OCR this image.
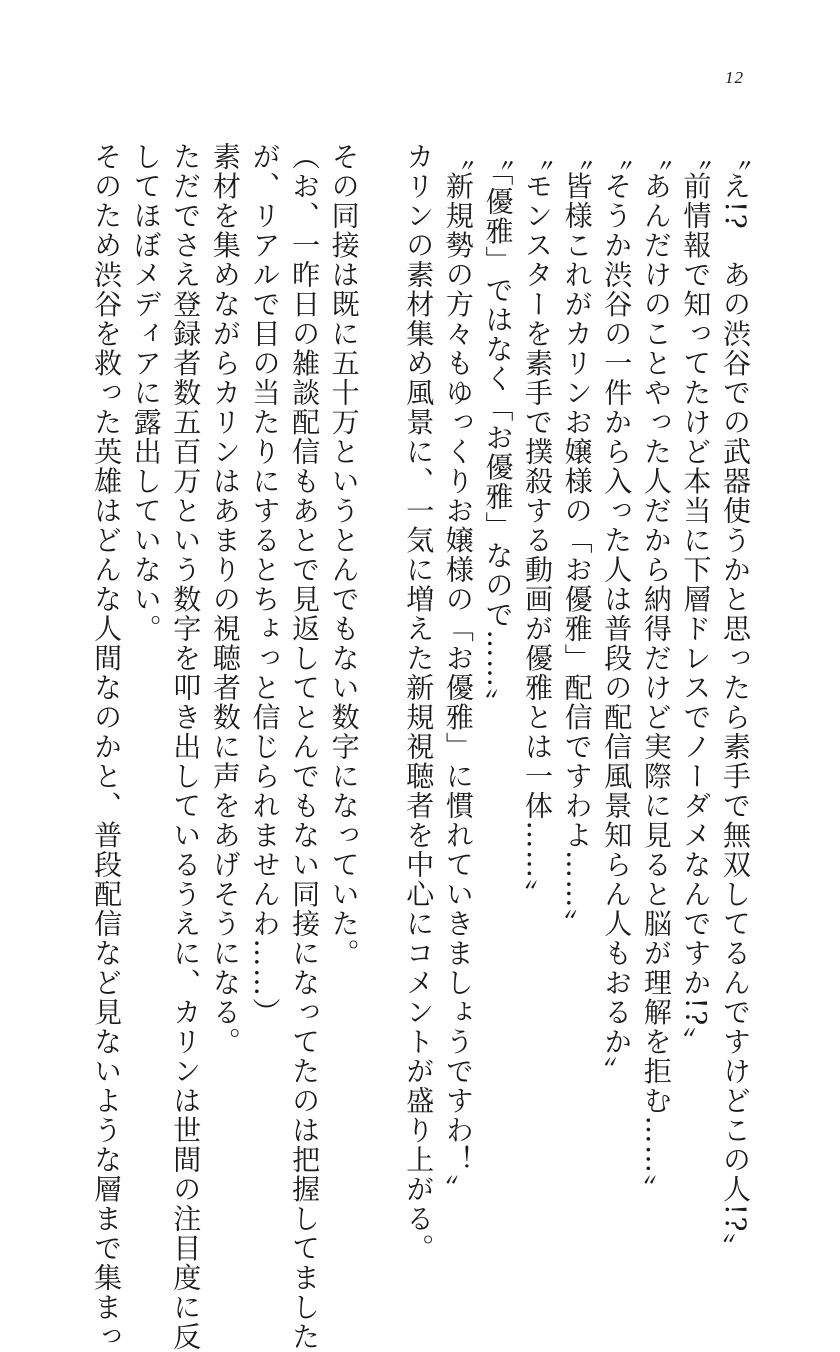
12
〝え!?　あの渋谷での武器使うかと思ったら素手で無双してるんですけどこの人!?〟
〝前情報で知ってたけど本当に下層ドレスでノーダメなんですか!?〟
〝あんだけのことやった人だから納得だけど実際に見ると脳が理解を拒む……〟
〝そうか渋谷の一件から入った人は普段の配信風景知らん人もおるか〟
〝皆様これがカリンお嬢様の「お優雅」配信ですわよ……〟
〝モンスターを素手で撲殺する動画が優雅とは一体……〟
〝「優雅」ではなく「お優雅」なので……〟
〝新規勢の方々もゆっくりお嬢様の「お優雅」に慣れていきましょうですわ！〟
カリンの素材集め風景に、一気に増えた新規視聴者を中心にコメントが盛り上がる。
その同接は既に五十万というとんでもない数字になっていた。
（お、一昨日の雑談配信もあとで見返してとんでもない同接になってたのは把握してました
が、リアルで目の当たりにするとちょっと信じられませんわ……）
素材を集めながらカリンはあまりの視聴者数に声をあげそうになる。
ただでさえ登録者数五百万という数字を叩き出しているうえに、カリンは世間の注目度に反
してほぼメディアに露出していない。
そのため渋谷を救った英雄はどんな人間なのかと、普段配信など見ないような層まで集まっ
